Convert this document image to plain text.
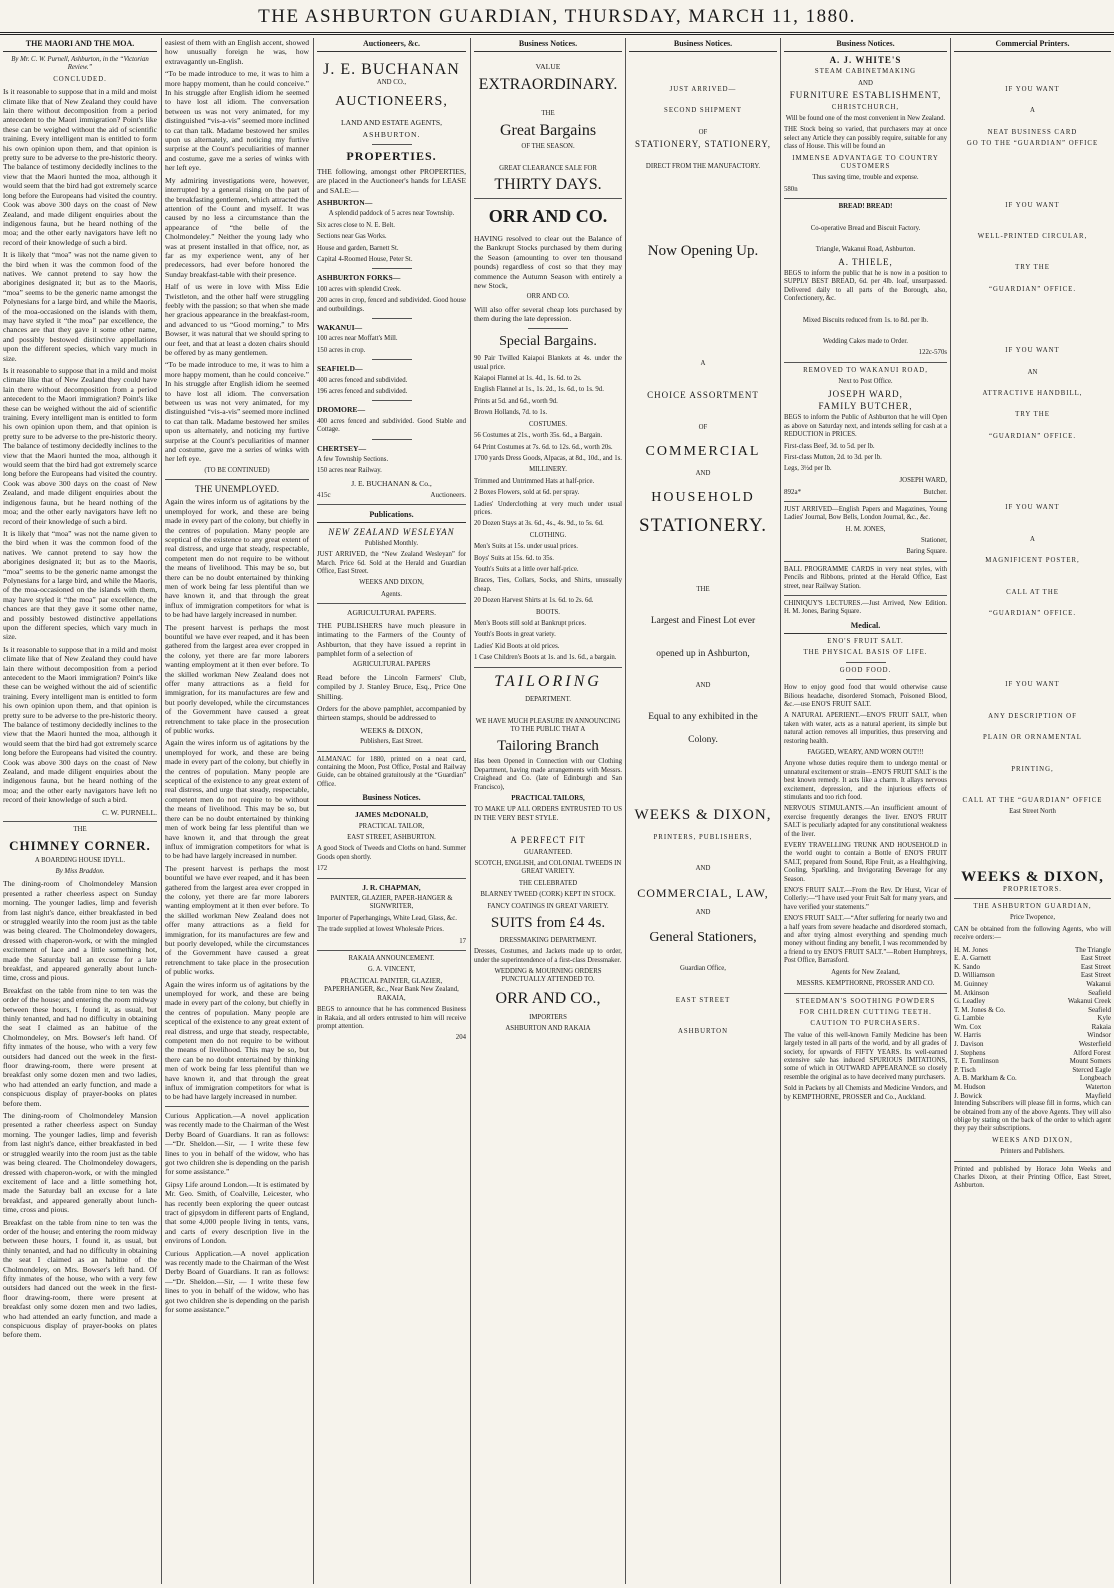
THE ASHBURTON GUARDIAN, THURSDAY, MARCH 11, 1880.
THE MAORI AND THE MOA.

By Mr. C. W. Purnell, Ashburton, in the “Victorian Review.”

CONCLUDED.

Is it reasonable to suppose that in a mild and moist climate like that of New Zealand they could have lain there without decomposition from a period antecedent to the Maori immigration? Point's like these can be weighed without the aid of scientific training. Every intelligent man is entitled to form his own opinion upon them, and that opinion is pretty sure to be adverse to the pre-historic theory. The balance of testimony decidedly inclines to the view that the Maori hunted the moa, although it would seem that the bird had got extremely scarce long before the Europeans had visited the country. Cook was above 300 days on the coast of New Zealand, and made diligent enquiries about the indigenous fauna, but he heard nothing of the moa; and the other early navigators have left no record of their knowledge of such a bird.

It is likely that “moa” was not the name given to the bird when it was the common food of the natives. We cannot pretend to say how the aborigines designated it; but as to the Maoris, “moa” seems to be the generic name amongst the Polynesians for a large bird, and while the Maoris, of the moa-occasioned on the islands with them, may have styled it “the moa” par excellence, the chances are that they gave it some other name, and possibly bestowed distinctive appellations upon the different species, which vary much in size.

Is it reasonable to suppose that in a mild and moist climate like that of New Zealand they could have lain there without decomposition from a period antecedent to the Maori immigration? Point's like these can be weighed without the aid of scientific training. Every intelligent man is entitled to form his own opinion upon them, and that opinion is pretty sure to be adverse to the pre-historic theory. The balance of testimony decidedly inclines to the view that the Maori hunted the moa, although it would seem that the bird had got extremely scarce long before the Europeans had visited the country. Cook was above 300 days on the coast of New Zealand, and made diligent enquiries about the indigenous fauna, but he heard nothing of the moa; and the other early navigators have left no record of their knowledge of such a bird.

It is likely that “moa” was not the name given to the bird when it was the common food of the natives. We cannot pretend to say how the aborigines designated it; but as to the Maoris, “moa” seems to be the generic name amongst the Polynesians for a large bird, and while the Maoris, of the moa-occasioned on the islands with them, may have styled it “the moa” par excellence, the chances are that they gave it some other name, and possibly bestowed distinctive appellations upon the different species, which vary much in size.

Is it reasonable to suppose that in a mild and moist climate like that of New Zealand they could have lain there without decomposition from a period antecedent to the Maori immigration? Point's like these can be weighed without the aid of scientific training. Every intelligent man is entitled to form his own opinion upon them, and that opinion is pretty sure to be adverse to the pre-historic theory. The balance of testimony decidedly inclines to the view that the Maori hunted the moa, although it would seem that the bird had got extremely scarce long before the Europeans had visited the country. Cook was above 300 days on the coast of New Zealand, and made diligent enquiries about the indigenous fauna, but he heard nothing of the moa; and the other early navigators have left no record of their knowledge of such a bird.

C. W. PURNELL.

THE

CHIMNEY CORNER.

A BOARDING HOUSE IDYLL.

By Miss Braddon.

The dining-room of Cholmondeley Mansion presented a rather cheerless aspect on Sunday morning. The younger ladies, limp and feverish from last night's dance, either breakfasted in bed or struggled wearily into the room just as the table was being cleared. The Cholmondeley dowagers, dressed with chaperon-work, or with the mingled excitement of lace and a little something hot, made the Saturday ball an excuse for a late breakfast, and appeared generally about lunch-time, cross and pious.

Breakfast on the table from nine to ten was the order of the house; and entering the room midway between these hours, I found it, as usual, but thinly tenanted, and had no difficulty in obtaining the seat I claimed as an habitue of the Cholmondeley, on Mrs. Bowser's left hand. Of fifty inmates of the house, who with a very few outsiders had danced out the week in the first-floor drawing-room, there were present at breakfast only some dozen men and two ladies, who had attended an early function, and made a conspicuous display of prayer-books on plates before them.

The dining-room of Cholmondeley Mansion presented a rather cheerless aspect on Sunday morning. The younger ladies, limp and feverish from last night's dance, either breakfasted in bed or struggled wearily into the room just as the table was being cleared. The Cholmondeley dowagers, dressed with chaperon-work, or with the mingled excitement of lace and a little something hot, made the Saturday ball an excuse for a late breakfast, and appeared generally about lunch-time, cross and pious.

Breakfast on the table from nine to ten was the order of the house; and entering the room midway between these hours, I found it, as usual, but thinly tenanted, and had no difficulty in obtaining the seat I claimed as an habitue of the Cholmondeley, on Mrs. Bowser's left hand. Of fifty inmates of the house, who with a very few outsiders had danced out the week in the first-floor drawing-room, there were present at breakfast only some dozen men and two ladies, who had attended an early function, and made a conspicuous display of prayer-books on plates before them.

easiest of them with an English accent, showed how unusually foreign he was, how extravagantly un-English.

“To be made introduce to me, it was to him a more happy moment, than he could conceive.” In his struggle after English idiom he seemed to have lost all idiom. The conversation between us was not very animated, for my distinguished “vis-a-vis” seemed more inclined to cat than talk. Madame bestowed her smiles upon us alternately, and noticing my furtive surprise at the Count's peculiarities of manner and costume, gave me a series of winks with her left eye.

My admiring investigations were, however, interrupted by a general rising on the part of the breakfasting gentlemen, which attracted the attention of the Count and myself. It was caused by no less a circumstance than the appearance of “the belle of the Cholmondeley.” Neither the young lady who was at present installed in that office, nor, as far as my experience went, any of her predecessors, had ever before honored the Sunday breakfast-table with their presence.

Half of us were in love with Miss Edie Twistleton, and the other half were struggling feebly with the passion; so that when she made her gracious appearance in the breakfast-room, and advanced to us “Good morning,” to Mrs Bowser, it was natural that we should spring to our feet, and that at least a dozen chairs should be offered by as many gentlemen.

“To be made introduce to me, it was to him a more happy moment, than he could conceive.” In his struggle after English idiom he seemed to have lost all idiom. The conversation between us was not very animated, for my distinguished “vis-a-vis” seemed more inclined to cat than talk. Madame bestowed her smiles upon us alternately, and noticing my furtive surprise at the Count's peculiarities of manner and costume, gave me a series of winks with her left eye.

(TO BE CONTINUED)

THE UNEMPLOYED.

Again the wires inform us of agitations by the unemployed for work, and these are being made in every part of the colony, but chiefly in the centres of population. Many people are sceptical of the existence to any great extent of real distress, and urge that steady, respectable, competent men do not require to be without the means of livelihood. This may be so, but there can be no doubt entertained by thinking men of work being far less plentiful than we have known it, and that through the great influx of immigration competitors for what is to be had have largely increased in number.

The present harvest is perhaps the most bountiful we have ever reaped, and it has been gathered from the largest area ever cropped in the colony, yet there are far more laborers wanting employment at it then ever before. To the skilled workman New Zealand does not offer many attractions as a field for immigration, for its manufactures are few and but poorly developed, while the circumstances of the Government have caused a great retrenchment to take place in the prosecution of public works.

Again the wires inform us of agitations by the unemployed for work, and these are being made in every part of the colony, but chiefly in the centres of population. Many people are sceptical of the existence to any great extent of real distress, and urge that steady, respectable, competent men do not require to be without the means of livelihood. This may be so, but there can be no doubt entertained by thinking men of work being far less plentiful than we have known it, and that through the great influx of immigration competitors for what is to be had have largely increased in number.

The present harvest is perhaps the most bountiful we have ever reaped, and it has been gathered from the largest area ever cropped in the colony, yet there are far more laborers wanting employment at it then ever before. To the skilled workman New Zealand does not offer many attractions as a field for immigration, for its manufactures are few and but poorly developed, while the circumstances of the Government have caused a great retrenchment to take place in the prosecution of public works.

Again the wires inform us of agitations by the unemployed for work, and these are being made in every part of the colony, but chiefly in the centres of population. Many people are sceptical of the existence to any great extent of real distress, and urge that steady, respectable, competent men do not require to be without the means of livelihood. This may be so, but there can be no doubt entertained by thinking men of work being far less plentiful than we have known it, and that through the great influx of immigration competitors for what is to be had have largely increased in number.

Curious Application.—A novel application was recently made to the Chairman of the West Derby Board of Guardians. It ran as follows:—“Dr. Sheldon.—Sir, — I write these few lines to you in behalf of the widow, who has got two children she is depending on the parish for some assistance.”

Gipsy Life around London.—It is estimated by Mr. Geo. Smith, of Coalville, Leicester, who has recently been exploring the queer outcast tract of gipsydom in different parts of England, that some 4,000 people living in tents, vans, and carts of every description live in the environs of London.

Curious Application.—A novel application was recently made to the Chairman of the West Derby Board of Guardians. It ran as follows:—“Dr. Sheldon.—Sir, — I write these few lines to you in behalf of the widow, who has got two children she is depending on the parish for some assistance.”

Auctioneers, &c.
J. E. BUCHANAN

AND CO.,

AUCTIONEERS,

LAND AND ESTATE AGENTS,

ASHBURTON.

PROPERTIES.

THE following, amongst other PROPERTIES, are placed in the Auctioneer's hands for LEASE and SALE:—

ASHBURTON—

A splendid paddock of 5 acres near Township.

Six acres close to N. E. Belt.

Sections near Gas Works.

House and garden, Barnett St.

Capital 4-Roomed House, Peter St.

ASHBURTON FORKS—

100 acres with splendid Creek.

200 acres in crop, fenced and subdivided. Good house and outbuildings.

WAKANUI—

100 acres near Moffatt's Mill.

150 acres in crop.

SEAFIELD—

400 acres fenced and subdivided.

196 acres fenced and subdivided.

DROMORE—

400 acres fenced and subdivided. Good Stable and Cottage.

CHERTSEY—

A few Township Sections.

150 acres near Railway.

J. E. BUCHANAN & Co.,

415c	Auctioneers.
Publications.
NEW ZEALAND WESLEYAN

Published Monthly.

JUST ARRIVED, the “New Zealand Wesleyan” for March. Price 6d. Sold at the Herald and Guardian Office, East Street.

WEEKS AND DIXON,

Agents.

AGRICULTURAL PAPERS.

THE PUBLISHERS have much pleasure in intimating to the Farmers of the County of Ashburton, that they have issued a reprint in pamphlet form of a selection of

AGRICULTURAL PAPERS

Read before the Lincoln Farmers' Club, compiled by J. Stanley Bruce, Esq., Price One Shilling.

Orders for the above pamphlet, accompanied by thirteen stamps, should be addressed to

WEEKS & DIXON,

Publishers, East Street.

ALMANAC for 1880, printed on a neat card, containing the Moon, Post Office, Postal and Railway Guide, can be obtained gratuitously at the “Guardian” Office.

Business Notices.

JAMES McDONALD,

PRACTICAL TAILOR,

EAST STREET, ASHBURTON.

A good Stock of Tweeds and Cloths on hand. Summer Goods open shortly.

172

J. R. CHAPMAN,

PAINTER, GLAZIER, PAPER-HANGER & SIGNWRITER,

Importer of Paperhangings, White Lead, Glass, &c.

The trade supplied at lowest Wholesale Prices.

17

RAKAIA ANNOUNCEMENT.

G. A. VINCENT,

PRACTICAL PAINTER, GLAZIER, PAPERHANGER, &c., Near Bank New Zealand, RAKAIA,

BEGS to announce that he has commenced Business in Rakaia, and all orders entrusted to him will receive prompt attention.

204

Business Notices.

VALUE

EXTRAORDINARY.

THE

Great Bargains

OF THE SEASON.

GREAT CLEARANCE SALE FOR

THIRTY DAYS.
ORR AND CO.

HAVING resolved to clear out the Balance of the Bankrupt Stocks purchased by them during the Season (amounting to over ten thousand pounds) regardless of cost so that they may commence the Autumn Season with entirely a new Stock,

ORR AND CO.

Will also offer several cheap lots purchased by them during the late depression.

Special Bargains.

90 Pair Twilled Kaiapoi Blankets at 4s. under the usual price.

Kaiapoi Flannel at 1s. 4d., 1s. 6d. to 2s.

English Flannel at 1s., 1s. 2d., 1s. 6d., to 1s. 9d.

Prints at 5d. and 6d., worth 9d.

Brown Hollands, 7d. to 1s.

COSTUMES.

56 Costumes at 21s., worth 35s. 6d., a Bargain.

64 Print Costumes at 7s. 6d. to 12s. 6d., worth 20s.

1700 yards Dress Goods, Alpacas, at 8d., 10d., and 1s.

MILLINERY.

Trimmed and Untrimmed Hats at half-price.

2 Boxes Flowers, sold at 6d. per spray.

Ladies' Underclothing at very much under usual prices.

20 Dozen Stays at 3s. 6d., 4s., 4s. 9d., to 5s. 6d.

CLOTHING.

Men's Suits at 15s. under usual prices.

Boys' Suits at 15s. 6d. to 35s.

Youth's Suits at a little over half-price.

Braces, Ties, Collars, Socks, and Shirts, unusually cheap.

20 Dozen Harvest Shirts at 1s. 6d. to 2s. 6d.

BOOTS.

Men's Boots still sold at Bankrupt prices.

Youth's Boots in great variety.

Ladies' Kid Boots at old prices.

1 Case Children's Boots at 1s. and 1s. 6d., a bargain.

TAILORING

DEPARTMENT.

WE HAVE MUCH PLEASURE IN ANNOUNCING TO THE PUBLIC THAT A

Tailoring Branch

Has been Opened in Connection with our Clothing Department, having made arrangements with Messrs. Craighead and Co. (late of Edinburgh and San Francisco),

PRACTICAL TAILORS,

TO MAKE UP ALL ORDERS ENTRUSTED TO US IN THE VERY BEST STYLE.

A PERFECT FIT

GUARANTEED.

SCOTCH, ENGLISH, and COLONIAL TWEEDS IN GREAT VARIETY.

THE CELEBRATED

BLARNEY TWEED (CORK) KEPT IN STOCK.

FANCY COATINGS IN GREAT VARIETY.

SUITS from £4 4s.

DRESSMAKING DEPARTMENT.

Dresses, Costumes, and Jackets made up to order, under the superintendence of a first-class Dressmaker.

WEDDING & MOURNING ORDERS PUNCTUALLY ATTENDED TO.

ORR AND CO.,

IMPORTERS

ASHBURTON AND RAKAIA

Business Notices.

JUST ARRIVED—

SECOND SHIPMENT

OF

STATIONERY, STATIONERY,

DIRECT FROM THE MANUFACTORY.

Now Opening Up.

A

CHOICE ASSORTMENT

OF

COMMERCIAL

AND

HOUSEHOLD
STATIONERY.

THE

Largest and Finest Lot ever

opened up in Ashburton,

AND

Equal to any exhibited in the

Colony.

WEEKS & DIXON,

PRINTERS, PUBLISHERS,

AND

COMMERCIAL, LAW,

AND

General Stationers,

Guardian Office,

EAST STREET

ASHBURTON

Business Notices.

A. J. WHITE'S

STEAM CABINETMAKING

AND

FURNITURE ESTABLISHMENT,

CHRISTCHURCH,

Will be found one of the most convenient in New Zealand.

THE Stock being so varied, that purchasers may at once select any Article they can possibly require, suitable for any class of House. This will be found an

IMMENSE ADVANTAGE TO COUNTRY CUSTOMERS

Thus saving time, trouble and expense.

580n

BREAD! BREAD!

Co-operative Bread and Biscuit Factory.

Triangle, Wakanui Road, Ashburton.

A. THIELE,

BEGS to inform the public that he is now in a position to SUPPLY BEST BREAD, 6d. per 4lb. loaf, unsurpassed. Delivered daily to all parts of the Borough, also, Confectionery, &c.

Mixed Biscuits reduced from 1s. to 8d. per lb.

Wedding Cakes made to Order.

122c-570s

REMOVED TO WAKANUI ROAD,

Next to Post Office.

JOSEPH WARD,

FAMILY BUTCHER,

BEGS to inform the Public of Ashburton that he will Open as above on Saturday next, and intends selling for cash at a REDUCTION in PRICES.

First-class Beef, 3d. to 5d. per lb.

First-class Mutton, 2d. to 3d. per lb.

Legs, 3½d per lb.

JOSEPH WARD,

892a*	Butcher.

JUST ARRIVED—English Papers and Magazines, Young Ladies' Journal, Bow Bells, London Journal, &c., &c.

H. M. JONES,

Stationer,

Baring Square.

BALL PROGRAMME CARDS in very neat styles, with Pencils and Ribbons, printed at the Herald Office, East street, near Railway Station.

CHINIQUY'S LECTURES.—Just Arrived, New Edition. H. M. Jones, Baring Square.

Medical.

ENO'S FRUIT SALT.

THE PHYSICAL BASIS OF LIFE.

GOOD FOOD.

How to enjoy good food that would otherwise cause Bilious headache, disordered Stomach, Poisoned Blood, &c.—use ENO'S FRUIT SALT.

A NATURAL APERIENT.—ENO'S FRUIT SALT, when taken with water, acts as a natural aperient, its simple but natural action removes all impurities, thus preserving and restoring health.

FAGGED, WEARY, AND WORN OUT!!!

Anyone whose duties require them to undergo mental or unnatural excitement or strain—ENO'S FRUIT SALT is the best known remedy. It acts like a charm. It allays nervous excitement, depression, and the injurious effects of stimulants and too rich food.

NERVOUS STIMULANTS.—An insufficient amount of exercise frequently deranges the liver. ENO'S FRUIT SALT is peculiarly adapted for any constitutional weakness of the liver.

EVERY TRAVELLING TRUNK AND HOUSEHOLD in the world ought to contain a Bottle of ENO'S FRUIT SALT, prepared from Sound, Ripe Fruit, as a Healthgiving, Cooling, Sparkling, and Invigorating Beverage for any Season.

ENO'S FRUIT SALT.—From the Rev. Dr Hurst, Vicar of Collerly:—“I have used your Fruit Salt for many years, and have verified your statements.”

ENO'S FRUIT SALT.—“After suffering for nearly two and a half years from severe headache and disordered stomach, and after trying almost everything and spending much money without finding any benefit, I was recommended by a friend to try ENO'S FRUIT SALT.”—Robert Humphreys, Post Office, Barrasford.

Agents for New Zealand,

MESSRS. KEMPTHORNE, PROSSER AND CO.

STEEDMAN'S SOOTHING POWDERS

FOR CHILDREN CUTTING TEETH.

CAUTION TO PURCHASERS.

The value of this well-known Family Medicine has been largely tested in all parts of the world, and by all grades of society, for upwards of FIFTY YEARS. Its well-earned extensive sale has induced SPURIOUS IMITATIONS, some of which in OUTWARD APPEARANCE so closely resemble the original as to have deceived many purchasers.

Sold in Packets by all Chemists and Medicine Vendors, and by KEMPTHORNE, PROSSER and Co., Auckland.

Commercial Printers.

IF YOU WANT

A

NEAT BUSINESS CARD

GO TO THE “GUARDIAN” OFFICE

IF YOU WANT

WELL-PRINTED CIRCULAR,

TRY THE

“GUARDIAN” OFFICE.

IF YOU WANT

AN

ATTRACTIVE HANDBILL,

TRY THE

“GUARDIAN” OFFICE.

IF YOU WANT

A

MAGNIFICENT POSTER,

CALL AT THE

“GUARDIAN” OFFICE.

IF YOU WANT

ANY DESCRIPTION OF

PLAIN OR ORNAMENTAL

PRINTING,

CALL AT THE “GUARDIAN” OFFICE

East Street North

WEEKS & DIXON,

PROPRIETORS.

THE ASHBURTON GUARDIAN,

Price Twopence,

CAN be obtained from the following Agents, who will receive orders:—

H. M. Jones	The Triangle
E. A. Garnett	East Street
K. Sando	East Street
D. Williamson	East Street
M. Guinney	Wakanui
M. Atkinson	Seafield
G. Leadley	Wakanui Creek
T. M. Jones & Co.	Seafield
G. Lambie	Kyle
Wm. Cox	Rakaia
W. Harris	Windsor
J. Davison	Westerfield
J. Stephens	Alford Forest
T. E. Tomlinson	Mount Somers
P. Tisch	Sterced Eagle
A. B. Markham & Co.	Longbeach
M. Hudson	Waterton
J. Bowick	Mayfield

Intending Subscribers will please fill in forms, which can be obtained from any of the above Agents. They will also oblige by stating on the back of the order to which agent they pay their subscriptions.

WEEKS AND DIXON,

Printers and Publishers.

Printed and published by Horace John Weeks and Charles Dixon, at their Printing Office, East Street, Ashburton.
